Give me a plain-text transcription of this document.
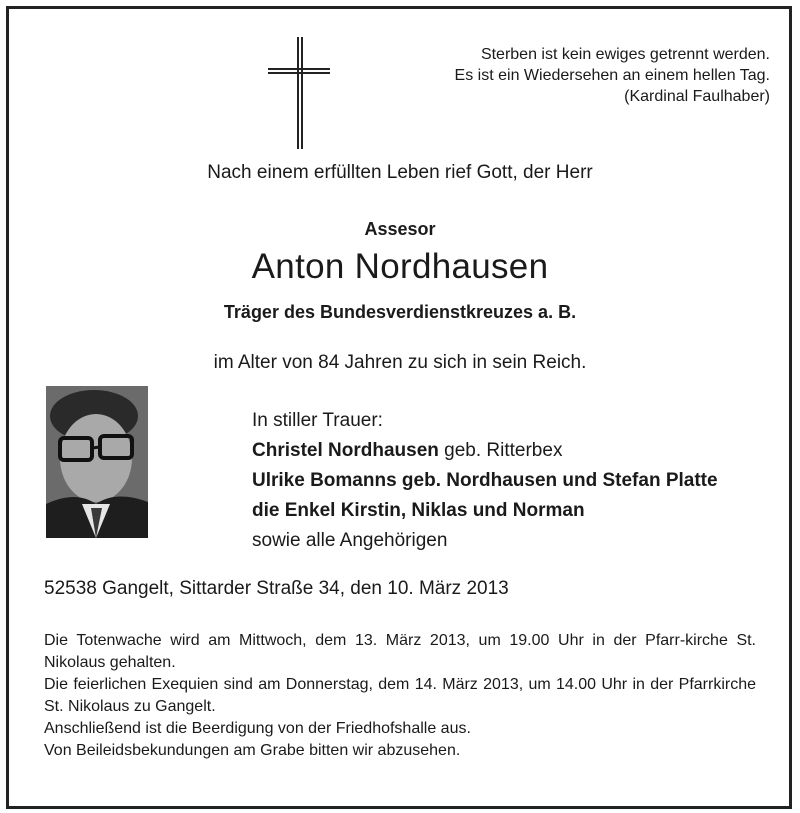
Sterben ist kein ewiges getrennt werden.
Es ist ein Wiedersehen an einem hellen Tag.
(Kardinal Faulhaber)
Nach einem erfüllten Leben rief Gott, der Herr
Assesor
Anton Nordhausen
Träger des Bundesverdienstkreuzes a. B.
im Alter von 84 Jahren zu sich in sein Reich.
In stiller Trauer:
Christel Nordhausen geb. Ritterbex
Ulrike Bomanns geb. Nordhausen und Stefan Platte
die Enkel Kirstin, Niklas und Norman
sowie alle Angehörigen
52538 Gangelt, Sittarder Straße 34, den 10. März 2013

Die Totenwache wird am Mittwoch, dem 13. März 2013, um 19.00 Uhr in der Pfarr-kirche St. Nikolaus gehalten.

Die feierlichen Exequien sind am Donnerstag, dem 14. März 2013, um 14.00 Uhr in der Pfarrkirche St. Nikolaus zu Gangelt.

Anschließend ist die Beerdigung von der Friedhofshalle aus.

Von Beileidsbekundungen am Grabe bitten wir abzusehen.
